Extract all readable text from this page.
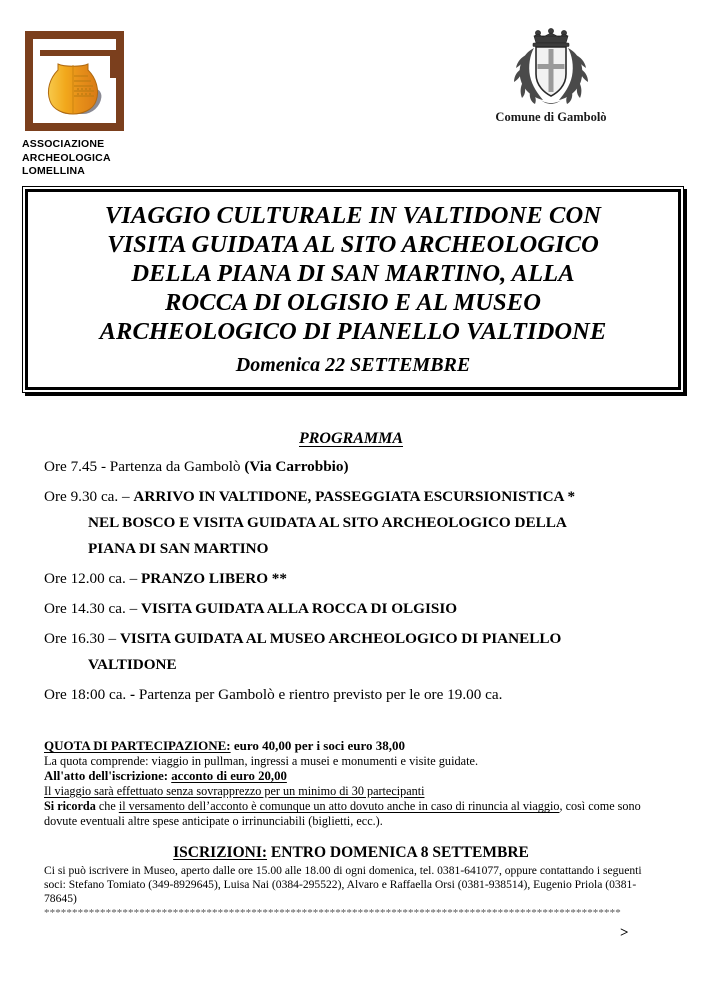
ASSOCIAZIONE
ARCHEOLOGICA
LOMELLINA
Comune di Gambolò
VIAGGIO CULTURALE IN VALTIDONE CON
VISITA GUIDATA AL SITO ARCHEOLOGICO
DELLA PIANA DI SAN MARTINO, ALLA
ROCCA DI OLGISIO E AL MUSEO
ARCHEOLOGICO DI PIANELLO VALTIDONE
Domenica 22 SETTEMBRE
PROGRAMMA
Ore 7.45 - Partenza da Gambolò (Via Carrobbio)
Ore 9.30 ca. – ARRIVO IN VALTIDONE, PASSEGGIATA ESCURSIONISTICA *
NEL BOSCO E VISITA GUIDATA AL SITO ARCHEOLOGICO DELLA
PIANA DI SAN MARTINO
Ore 12.00 ca. – PRANZO LIBERO **
Ore 14.30 ca. – VISITA GUIDATA ALLA ROCCA DI OLGISIO
Ore 16.30 – VISITA GUIDATA AL MUSEO ARCHEOLOGICO DI PIANELLO
VALTIDONE
Ore 18:00 ca. - Partenza per Gambolò e rientro previsto per le ore 19.00 ca.
QUOTA DI PARTECIPAZIONE: euro 40,00 per i soci euro 38,00
La quota comprende: viaggio in pullman, ingressi a musei e monumenti e visite guidate.
All'atto dell'iscrizione: acconto di euro 20,00
Il viaggio sarà effettuato senza sovrapprezzo per un minimo di 30 partecipanti
Si ricorda che il versamento dell’acconto è comunque un atto dovuto anche in caso di rinuncia al viaggio, così come sono dovute eventuali altre spese anticipate o irrinunciabili (biglietti, ecc.).
ISCRIZIONI: ENTRO DOMENICA 8 SETTEMBRE
Ci si può iscrivere in Museo, aperto dalle ore 15.00 alle 18.00 di ogni domenica, tel. 0381-641077, oppure contattando i seguenti soci: Stefano Tomiato (349-8929645), Luisa Nai (0384-295522), Alvaro e Raffaella Orsi (0381-938514), Eugenio Priola (0381-78645)
*******************************************************************************************************
>
